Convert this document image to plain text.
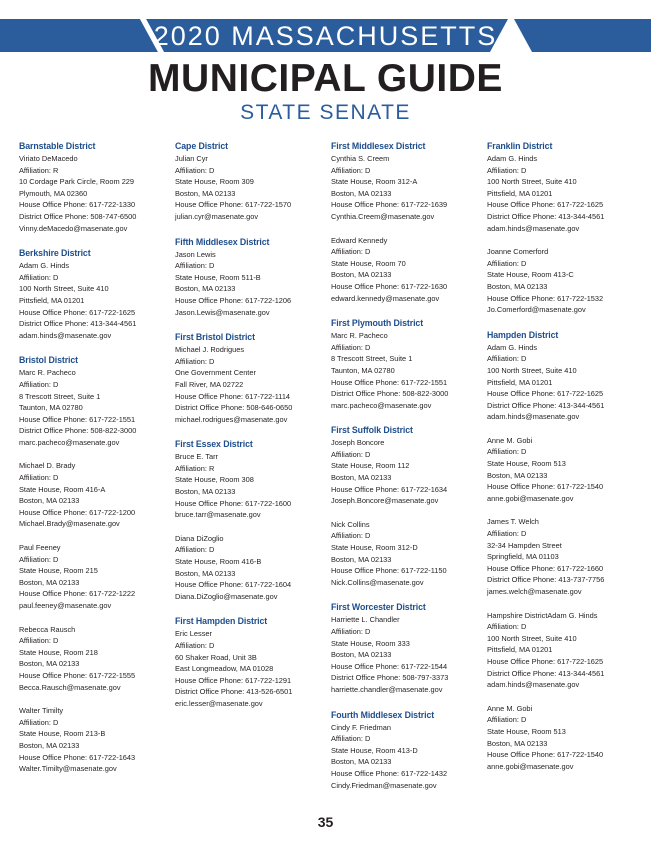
2020 MASSACHUSETTS
MUNICIPAL GUIDE
STATE SENATE
Barnstable District
Viriato DeMacedo
Affiliation: R
10 Cordage Park Circle, Room 229
Plymouth, MA 02360
House Office Phone: 617-722-1330
District Office Phone: 508-747-6500
Vinny.deMacedo@masenate.gov
Berkshire District
Adam G. Hinds
Affiliation: D
100 North Street, Suite 410
Pittsfield, MA 01201
House Office Phone: 617-722-1625
District Office Phone: 413-344-4561
adam.hinds@masenate.gov
Bristol District
Marc R. Pacheco
Affiliation: D
8 Trescott Street, Suite 1
Taunton, MA 02780
House Office Phone: 617-722-1551
District Office Phone: 508-822-3000
marc.pacheco@masenate.gov
Michael D. Brady
Affiliation: D
State House, Room 416-A
Boston, MA 02133
House Office Phone: 617-722-1200
Michael.Brady@masenate.gov
Paul Feeney
Affiliation: D
State House, Room 215
Boston, MA 02133
House Office Phone: 617-722-1222
paul.feeney@masenate.gov
Rebecca Rausch
Affiliation: D
State House, Room 218
Boston, MA 02133
House Office Phone: 617-722-1555
Becca.Rausch@masenate.gov
Walter Timilty
Affiliation: D
State House, Room 213-B
Boston, MA 02133
House Office Phone: 617-722-1643
Walter.Timilty@masenate.gov
Cape District
Julian Cyr
Affiliation: D
State House, Room 309
Boston, MA 02133
House Office Phone: 617-722-1570
julian.cyr@masenate.gov
Fifth Middlesex District
Jason Lewis
Affiliation: D
State House, Room 511-B
Boston, MA 02133
House Office Phone: 617-722-1206
Jason.Lewis@masenate.gov
First Bristol District
Michael J. Rodrigues
Affiliation: D
One Government Center
Fall River, MA 02722
House Office Phone: 617-722-1114
District Office Phone: 508-646-0650
michael.rodrigues@masenate.gov
First Essex District
Bruce E. Tarr
Affiliation: R
State House, Room 308
Boston, MA 02133
House Office Phone: 617-722-1600
bruce.tarr@masenate.gov
Diana DiZoglio
Affiliation: D
State House, Room 416-B
Boston, MA 02133
House Office Phone: 617-722-1604
Diana.DiZoglio@masenate.gov
First Hampden District
Eric Lesser
Affiliation: D
60 Shaker Road, Unit 3B
East Longmeadow, MA 01028
House Office Phone: 617-722-1291
District Office Phone: 413-526-6501
eric.lesser@masenate.gov
First Middlesex District
Cynthia S. Creem
Affiliation: D
State House, Room 312-A
Boston, MA 02133
House Office Phone: 617-722-1639
Cynthia.Creem@masenate.gov
Edward Kennedy
Affiliation: D
State House, Room 70
Boston, MA 02133
House Office Phone: 617-722-1630
edward.kennedy@masenate.gov
First Plymouth District
Marc R. Pacheco
Affiliation: D
8 Trescott Street, Suite 1
Taunton, MA 02780
House Office Phone: 617-722-1551
District Office Phone: 508-822-3000
marc.pacheco@masenate.gov
First Suffolk District
Joseph Boncore
Affiliation: D
State House, Room 112
Boston, MA 02133
House Office Phone: 617-722-1634
Joseph.Boncore@masenate.gov
Nick Collins
Affiliation: D
State House, Room 312-D
Boston, MA 02133
House Office Phone: 617-722-1150
Nick.Collins@masenate.gov
First Worcester District
Harriette L. Chandler
Affiliation: D
State House, Room 333
Boston, MA 02133
House Office Phone: 617-722-1544
District Office Phone: 508-797-3373
harriette.chandler@masenate.gov
Fourth Middlesex District
Cindy F. Friedman
Affiliation: D
State House, Room 413-D
Boston, MA 02133
House Office Phone: 617-722-1432
Cindy.Friedman@masenate.gov
Franklin District
Adam G. Hinds
Affiliation: D
100 North Street, Suite 410
Pittsfield, MA 01201
House Office Phone: 617-722-1625
District Office Phone: 413-344-4561
adam.hinds@masenate.gov
Joanne Comerford
Affiliation: D
State House, Room 413-C
Boston, MA 02133
House Office Phone: 617-722-1532
Jo.Comerford@masenate.gov
Hampden District
Adam G. Hinds
Affiliation: D
100 North Street, Suite 410
Pittsfield, MA 01201
House Office Phone: 617-722-1625
District Office Phone: 413-344-4561
adam.hinds@masenate.gov
Anne M. Gobi
Affiliation: D
State House, Room 513
Boston, MA 02133
House Office Phone: 617-722-1540
anne.gobi@masenate.gov
James T. Welch
Affiliation: D
32-34 Hampden Street
Springfield, MA 01103
House Office Phone: 617-722-1660
District Office Phone: 413-737-7756
james.welch@masenate.gov
Hampshire DistrictAdam G. Hinds
Affiliation: D
100 North Street, Suite 410
Pittsfield, MA 01201
House Office Phone: 617-722-1625
District Office Phone: 413-344-4561
adam.hinds@masenate.gov
Anne M. Gobi
Affiliation: D
State House, Room 513
Boston, MA 02133
House Office Phone: 617-722-1540
anne.gobi@masenate.gov
35
